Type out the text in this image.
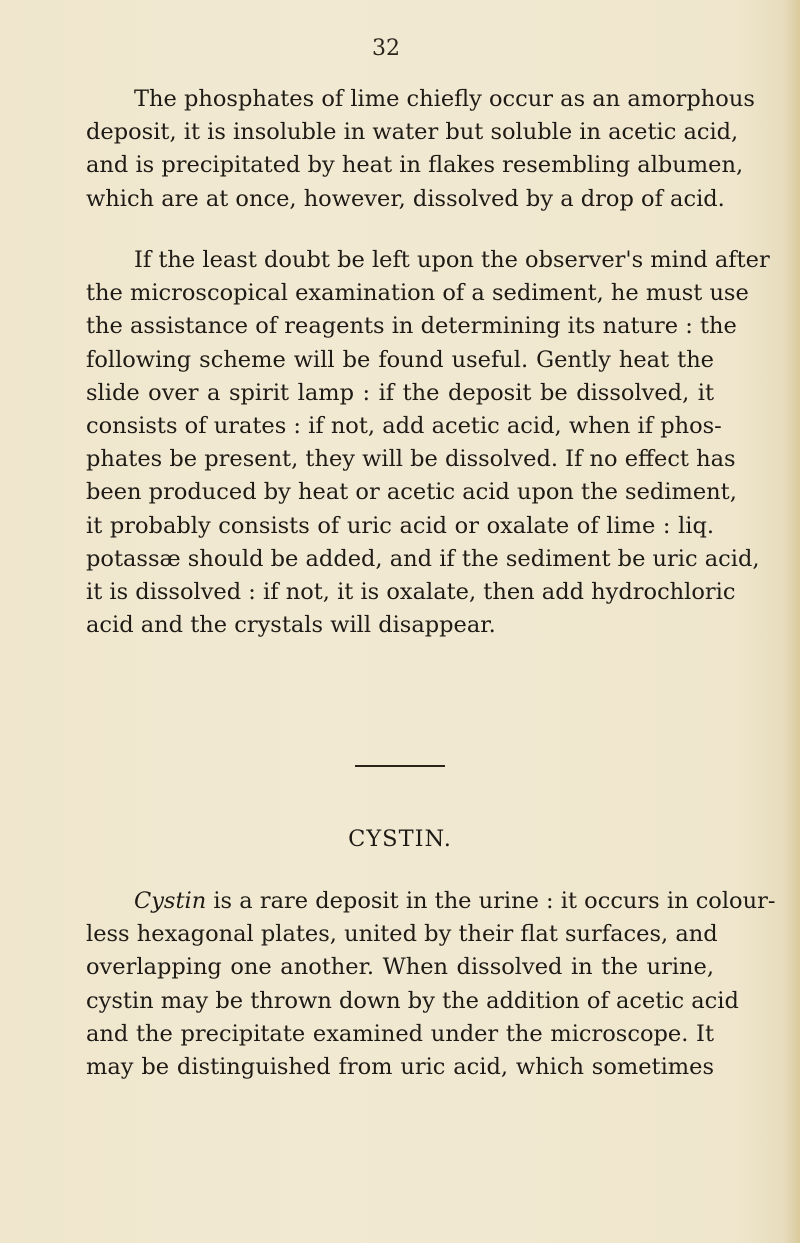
32
The phosphates of lime chiefly occur as an amorphous
deposit, it is insoluble in water but soluble in acetic acid,
and is precipitated by heat in flakes resembling albumen,
which are at once, however, dissolved by a drop of acid.
If the least doubt be left upon the observer's mind after
the microscopical examination of a sediment, he must use
the assistance of reagents in determining its nature : the
following scheme will be found useful. Gently heat the
slide over a spirit lamp : if the deposit be dissolved, it
consists of urates : if not, add acetic acid, when if phos-
phates be present, they will be dissolved. If no effect has
been produced by heat or acetic acid upon the sediment,
it probably consists of uric acid or oxalate of lime : liq.
potassæ should be added, and if the sediment be uric acid,
it is dissolved : if not, it is oxalate, then add hydrochloric
acid and the crystals will disappear.
CYSTIN.
Cystin is a rare deposit in the urine : it occurs in colour-
less hexagonal plates, united by their flat surfaces, and
overlapping one another. When dissolved in the urine,
cystin may be thrown down by the addition of acetic acid
and the precipitate examined under the microscope. It
may be distinguished from uric acid, which sometimes
